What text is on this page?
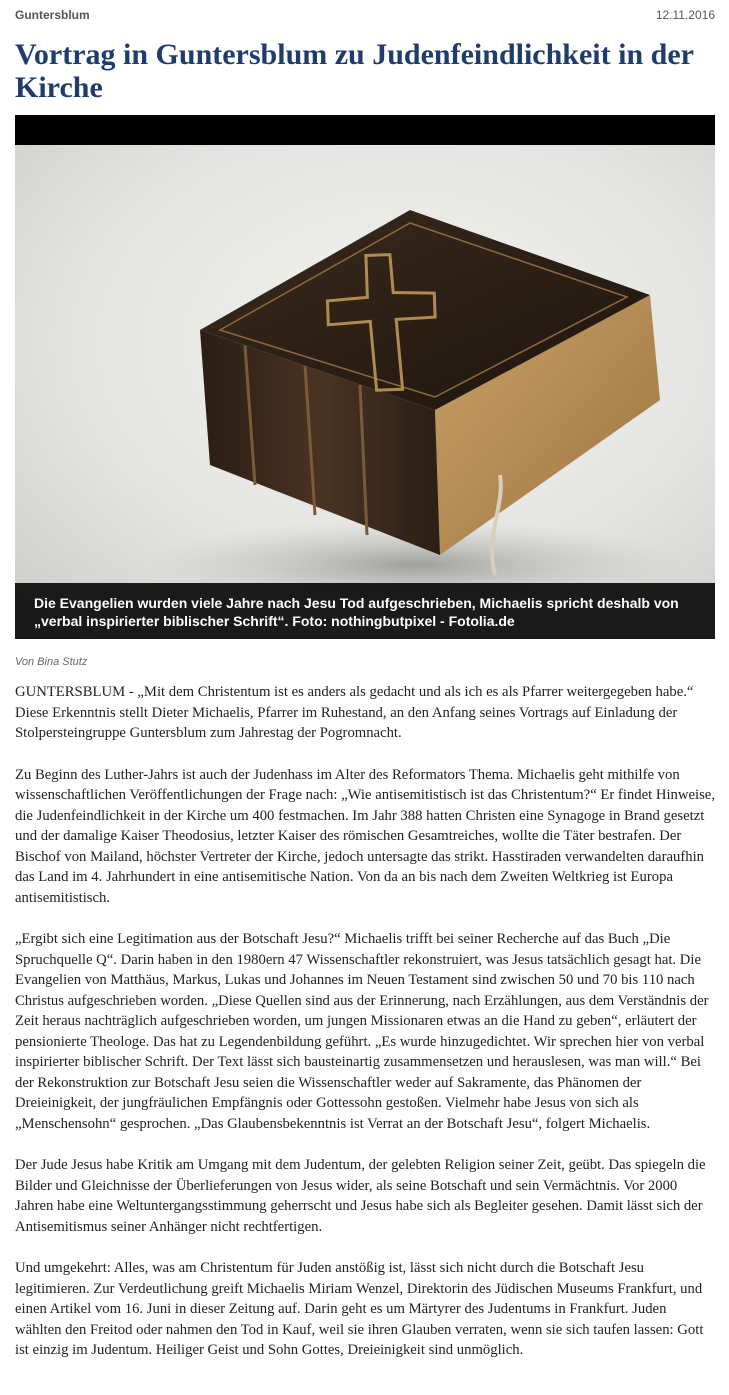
Guntersblum	12.11.2016
Vortrag in Guntersblum zu Judenfeindlichkeit in der Kirche
Die Evangelien wurden viele Jahre nach Jesu Tod aufgeschrieben, Michaelis spricht deshalb von „verbal inspirierter biblischer Schrift“. Foto: nothingbutpixel - Fotolia.de
Von Bina Stutz

GUNTERSBLUM - „Mit dem Christentum ist es anders als gedacht und als ich es als Pfarrer weitergegeben habe.“ Diese Erkenntnis stellt Dieter Michaelis, Pfarrer im Ruhestand, an den Anfang seines Vortrags auf Einladung der Stolpersteingruppe Guntersblum zum Jahrestag der Pogromnacht.

Zu Beginn des Luther-Jahrs ist auch der Judenhass im Alter des Reformators Thema. Michaelis geht mithilfe von wissenschaftlichen Veröffentlichungen der Frage nach: „Wie antisemitistisch ist das Christentum?“ Er findet Hinweise, die Judenfeindlichkeit in der Kirche um 400 festmachen. Im Jahr 388 hatten Christen eine Synagoge in Brand gesetzt und der damalige Kaiser Theodosius, letzter Kaiser des römischen Gesamtreiches, wollte die Täter bestrafen. Der Bischof von Mailand, höchster Vertreter der Kirche, jedoch untersagte das strikt. Hasstiraden verwandelten daraufhin das Land im 4. Jahrhundert in eine antisemitische Nation. Von da an bis nach dem Zweiten Weltkrieg ist Europa antisemitistisch.

„Ergibt sich eine Legitimation aus der Botschaft Jesu?“ Michaelis trifft bei seiner Recherche auf das Buch „Die Spruchquelle Q“. Darin haben in den 1980ern 47 Wissenschaftler rekonstruiert, was Jesus tatsächlich gesagt hat. Die Evangelien von Matthäus, Markus, Lukas und Johannes im Neuen Testament sind zwischen 50 und 70 bis 110 nach Christus aufgeschrieben worden. „Diese Quellen sind aus der Erinnerung, nach Erzählungen, aus dem Verständnis der Zeit heraus nachträglich aufgeschrieben worden, um jungen Missionaren etwas an die Hand zu geben“, erläutert der pensionierte Theologe. Das hat zu Legendenbildung geführt. „Es wurde hinzugedichtet. Wir sprechen hier von verbal inspirierter biblischer Schrift. Der Text lässt sich bausteinartig zusammensetzen und herauslesen, was man will.“ Bei der Rekonstruktion zur Botschaft Jesu seien die Wissenschaftler weder auf Sakramente, das Phänomen der Dreieinigkeit, der jungfräulichen Empfängnis oder Gottessohn gestoßen. Vielmehr habe Jesus von sich als „Menschensohn“ gesprochen. „Das Glaubensbekenntnis ist Verrat an der Botschaft Jesu“, folgert Michaelis.

Der Jude Jesus habe Kritik am Umgang mit dem Judentum, der gelebten Religion seiner Zeit, geübt. Das spiegeln die Bilder und Gleichnisse der Überlieferungen von Jesus wider, als seine Botschaft und sein Vermächtnis. Vor 2000 Jahren habe eine Weltuntergangsstimmung geherrscht und Jesus habe sich als Begleiter gesehen. Damit lässt sich der Antisemitismus seiner Anhänger nicht rechtfertigen.

Und umgekehrt: Alles, was am Christentum für Juden anstößig ist, lässt sich nicht durch die Botschaft Jesu legitimieren. Zur Verdeutlichung greift Michaelis Miriam Wenzel, Direktorin des Jüdischen Museums Frankfurt, und einen Artikel vom 16. Juni in dieser Zeitung auf. Darin geht es um Märtyrer des Judentums in Frankfurt. Juden wählten den Freitod oder nahmen den Tod in Kauf, weil sie ihren Glauben verraten, wenn sie sich taufen lassen: Gott ist einzig im Judentum. Heiliger Geist und Sohn Gottes, Dreieinigkeit sind unmöglich.
